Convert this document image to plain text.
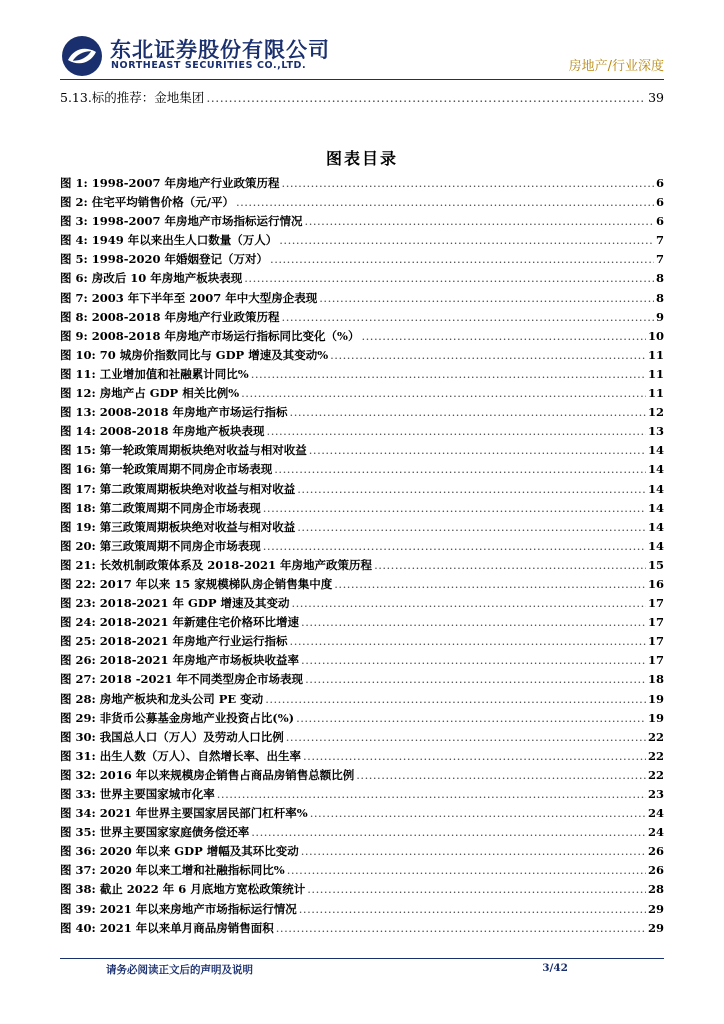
东北证券股份有限公司
NORTHEAST SECURITIES CO.,LTD.	房地产/行业深度
5.13.标的推荐：金地集团 .....	39
图表目录
图 1: 1998-2007 年房地产行业政策历程 .....	6
图 2: 住宅平均销售价格（元/平） .....	6
图 3: 1998-2007 年房地产市场指标运行情况 .....	6
图 4: 1949 年以来出生人口数量（万人） .....	7
图 5: 1998-2020 年婚姻登记（万对） .....	7
图 6: 房改后 10 年房地产板块表现 .....	8
图 7: 2003 年下半年至 2007 年中大型房企表现 .....	8
图 8: 2008-2018 年房地产行业政策历程 .....	9
图 9: 2008-2018 年房地产市场运行指标同比变化（%） .....	10
图 10: 70 城房价指数同比与 GDP 增速及其变动% .....	11
图 11: 工业增加值和社融累计同比% .....	11
图 12: 房地产占 GDP 相关比例% .....	11
图 13: 2008-2018 年房地产市场运行指标 .....	12
图 14: 2008-2018 年房地产板块表现 .....	13
图 15: 第一轮政策周期板块绝对收益与相对收益 .....	14
图 16: 第一轮政策周期不同房企市场表现 .....	14
图 17: 第二政策周期板块绝对收益与相对收益 .....	14
图 18: 第二政策周期不同房企市场表现 .....	14
图 19: 第三政策周期板块绝对收益与相对收益 .....	14
图 20: 第三政策周期不同房企市场表现 .....	14
图 21: 长效机制政策体系及 2018-2021 年房地产政策历程 .....	15
图 22: 2017 年以来 15 家规模梯队房企销售集中度 .....	16
图 23: 2018-2021 年 GDP 增速及其变动 .....	17
图 24: 2018-2021 年新建住宅价格环比增速 .....	17
图 25: 2018-2021 年房地产行业运行指标 .....	17
图 26: 2018-2021 年房地产市场板块收益率 .....	17
图 27: 2018 -2021 年不同类型房企市场表现 .....	18
图 28: 房地产板块和龙头公司 PE 变动 .....	19
图 29: 非货币公募基金房地产业投资占比(%) .....	19
图 30: 我国总人口（万人）及劳动人口比例 .....	22
图 31: 出生人数（万人）、自然增长率、出生率 .....	22
图 32: 2016 年以来规模房企销售占商品房销售总额比例 .....	22
图 33: 世界主要国家城市化率 .....	23
图 34: 2021 年世界主要国家居民部门杠杆率% .....	24
图 35: 世界主要国家家庭债务偿还率 .....	24
图 36: 2020 年以来 GDP 增幅及其环比变动 .....	26
图 37: 2020 年以来工增和社融指标同比% .....	26
图 38: 截止 2022 年 6 月底地方宽松政策统计 .....	28
图 39: 2021 年以来房地产市场指标运行情况 .....	29
图 40: 2021 年以来单月商品房销售面积 .....	29
请务必阅读正文后的声明及说明	3/42
